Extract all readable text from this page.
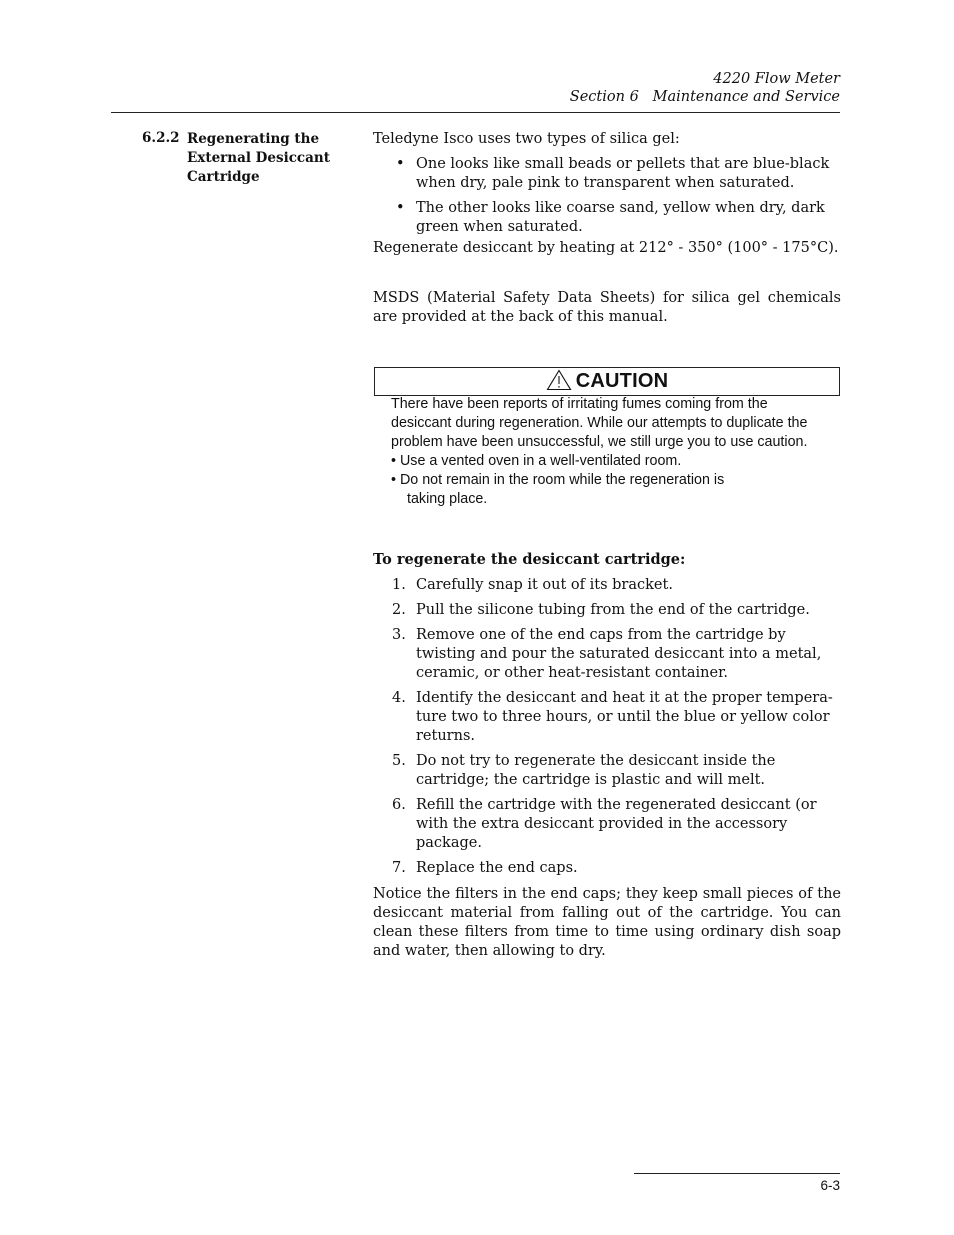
4220 Flow Meter
Section 6   Maintenance and Service
6.2.2 Regenerating the External Desiccant Cartridge
Teledyne Isco uses two types of silica gel:
• One looks like small beads or pellets that are blue-black when dry, pale pink to transparent when saturated.
• The other looks like coarse sand, yellow when dry, dark green when saturated.
Regenerate desiccant by heating at 212° - 350° (100° - 175°C).
MSDS (Material Safety Data Sheets) for silica gel chemicals are provided at the back of this manual.
CAUTION

There have been reports of irritating fumes coming from the desiccant during regeneration. While our attempts to duplicate the problem have been unsuccessful, we still urge you to use caution.

• Use a vented oven in a well-ventilated room.

• Do not remain in the room while the regeneration is

taking place.

To regenerate the desiccant cartridge:
1. Carefully snap it out of its bracket.
2. Pull the silicone tubing from the end of the cartridge.
3. Remove one of the end caps from the cartridge by twisting and pour the saturated desiccant into a metal, ceramic, or other heat-resistant container.
4. Identify the desiccant and heat it at the proper tempera-ture two to three hours, or until the blue or yellow color returns.
5. Do not try to regenerate the desiccant inside the cartridge; the cartridge is plastic and will melt.
6. Refill the cartridge with the regenerated desiccant (or with the extra desiccant provided in the accessory package.
7. Replace the end caps.
Notice the filters in the end caps; they keep small pieces of the desiccant material from falling out of the cartridge. You can clean these filters from time to time using ordinary dish soap and water, then allowing to dry.
6-3
